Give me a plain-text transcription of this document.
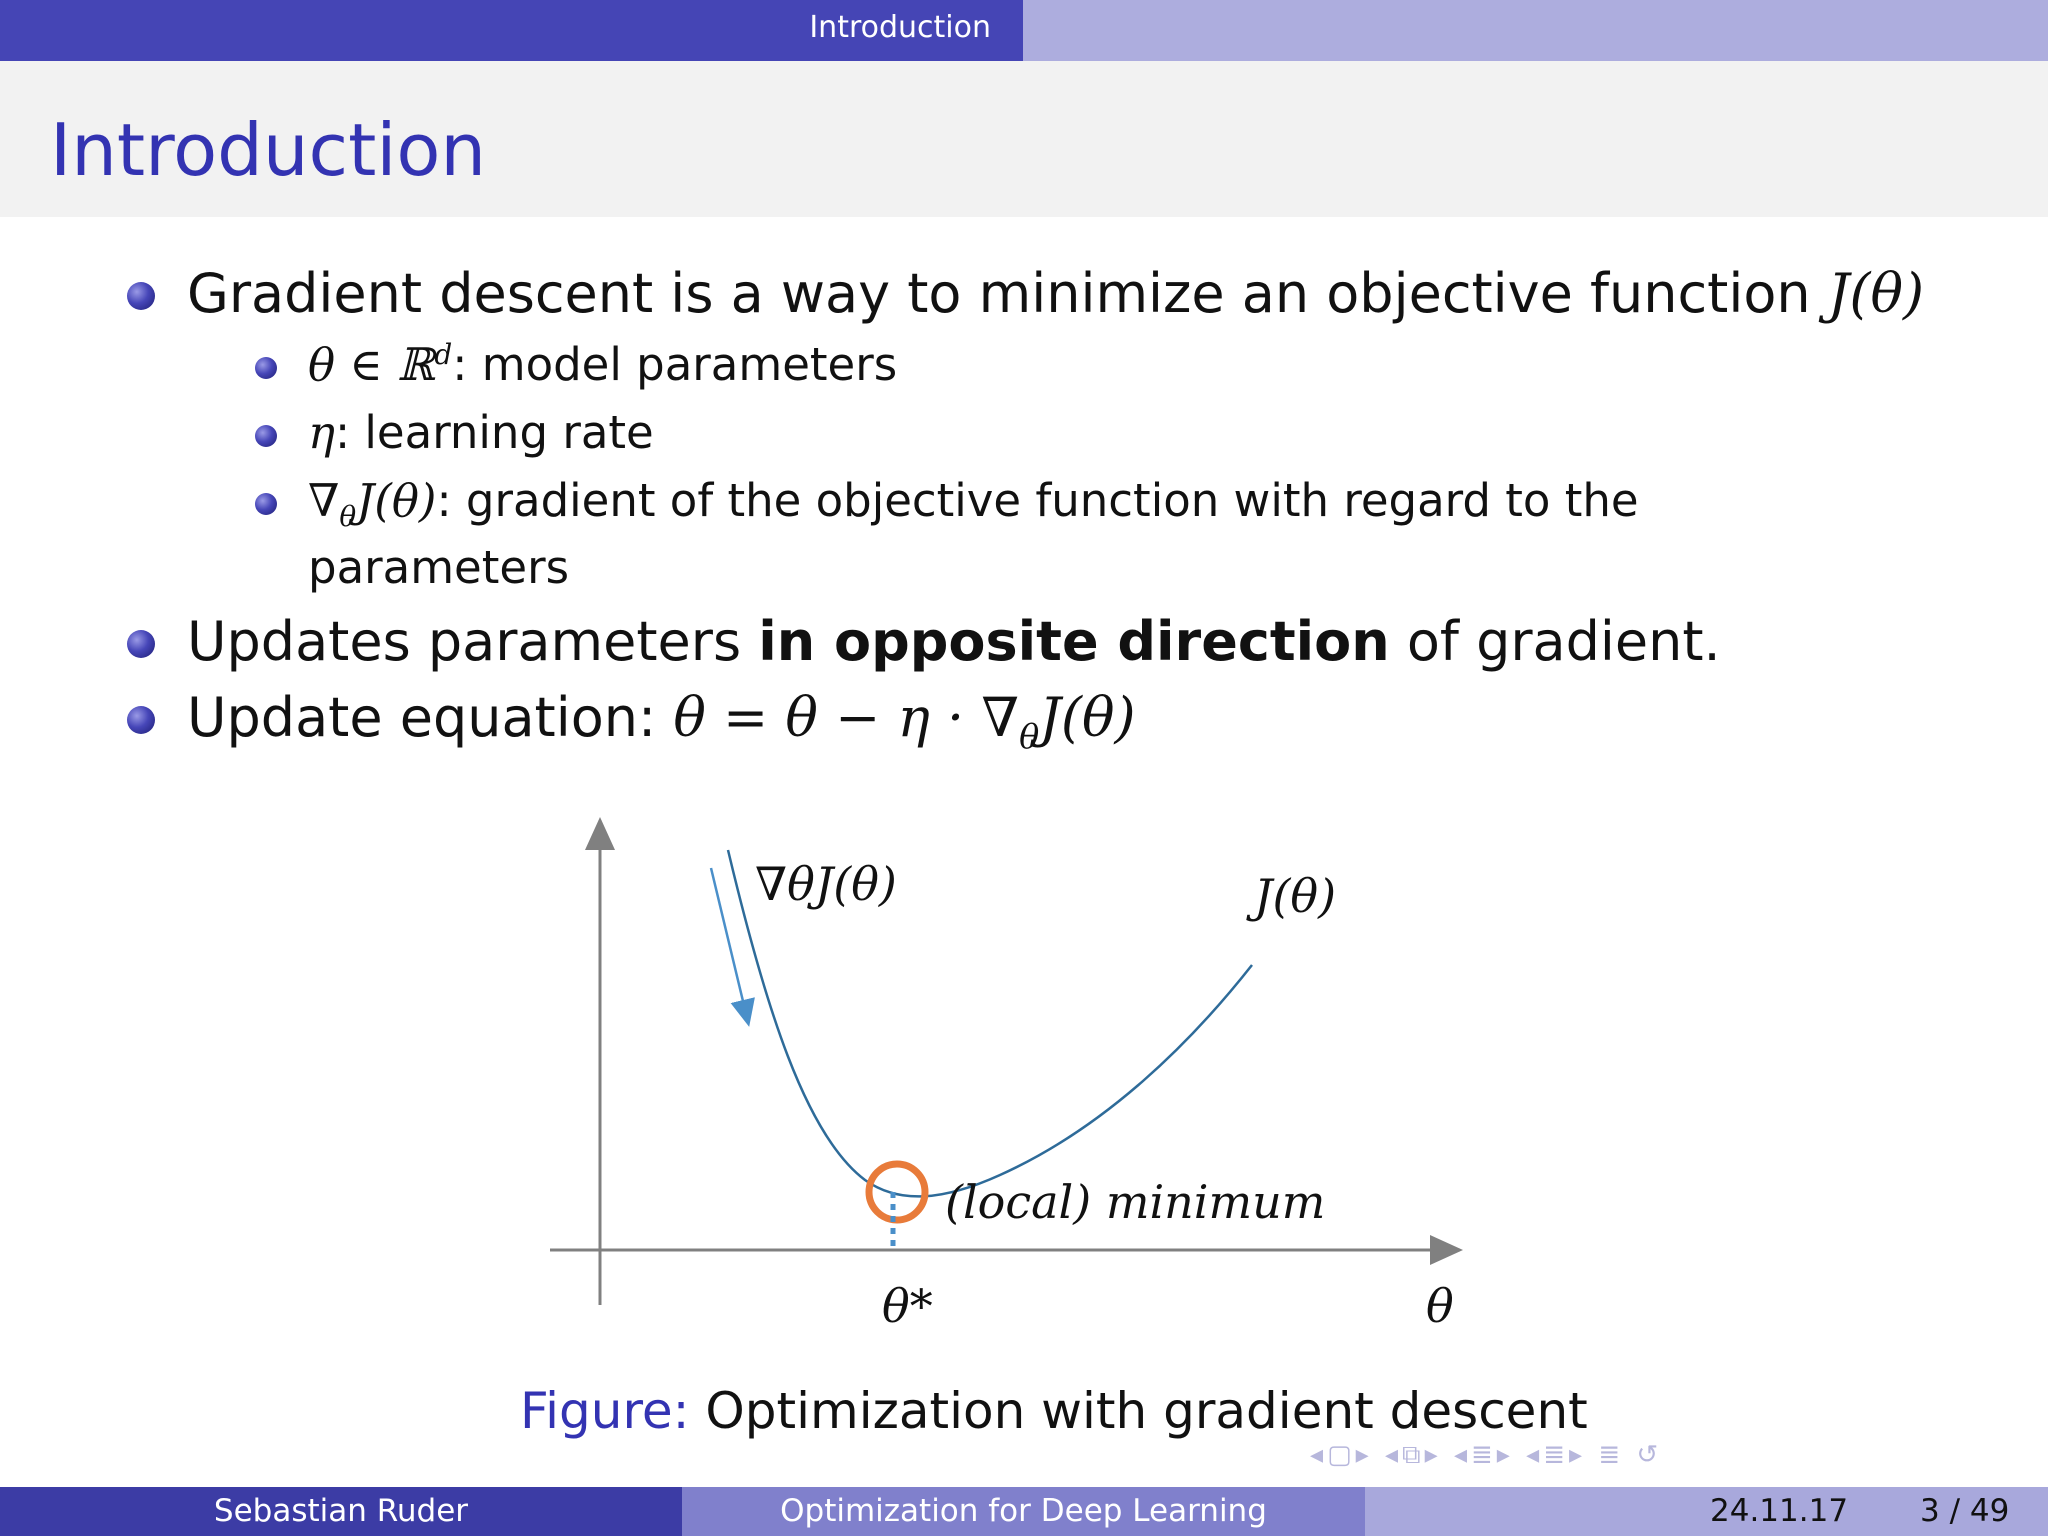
Introduction
Introduction
Gradient descent is a way to minimize an objective function J(θ)
θ ∈ ℝ$^d$: model parameters
η: learning rate
$\nabla_\theta J(\theta)$: gradient of the objective function with regard to the
parameters
Updates parameters in opposite direction of gradient.
Update equation: $\theta = \theta - \eta \cdot \nabla_\theta J(\theta)$
∇θJ(θ)	J(θ)
(local) minimum
θ*	θ
Figure: Optimization with gradient descent
◂▢▸ ◂⧉▸ ◂≣▸ ◂≣▸ ≣ ↺
Sebastian Ruder	Optimization for Deep Learning	24.11.17 3 / 49
